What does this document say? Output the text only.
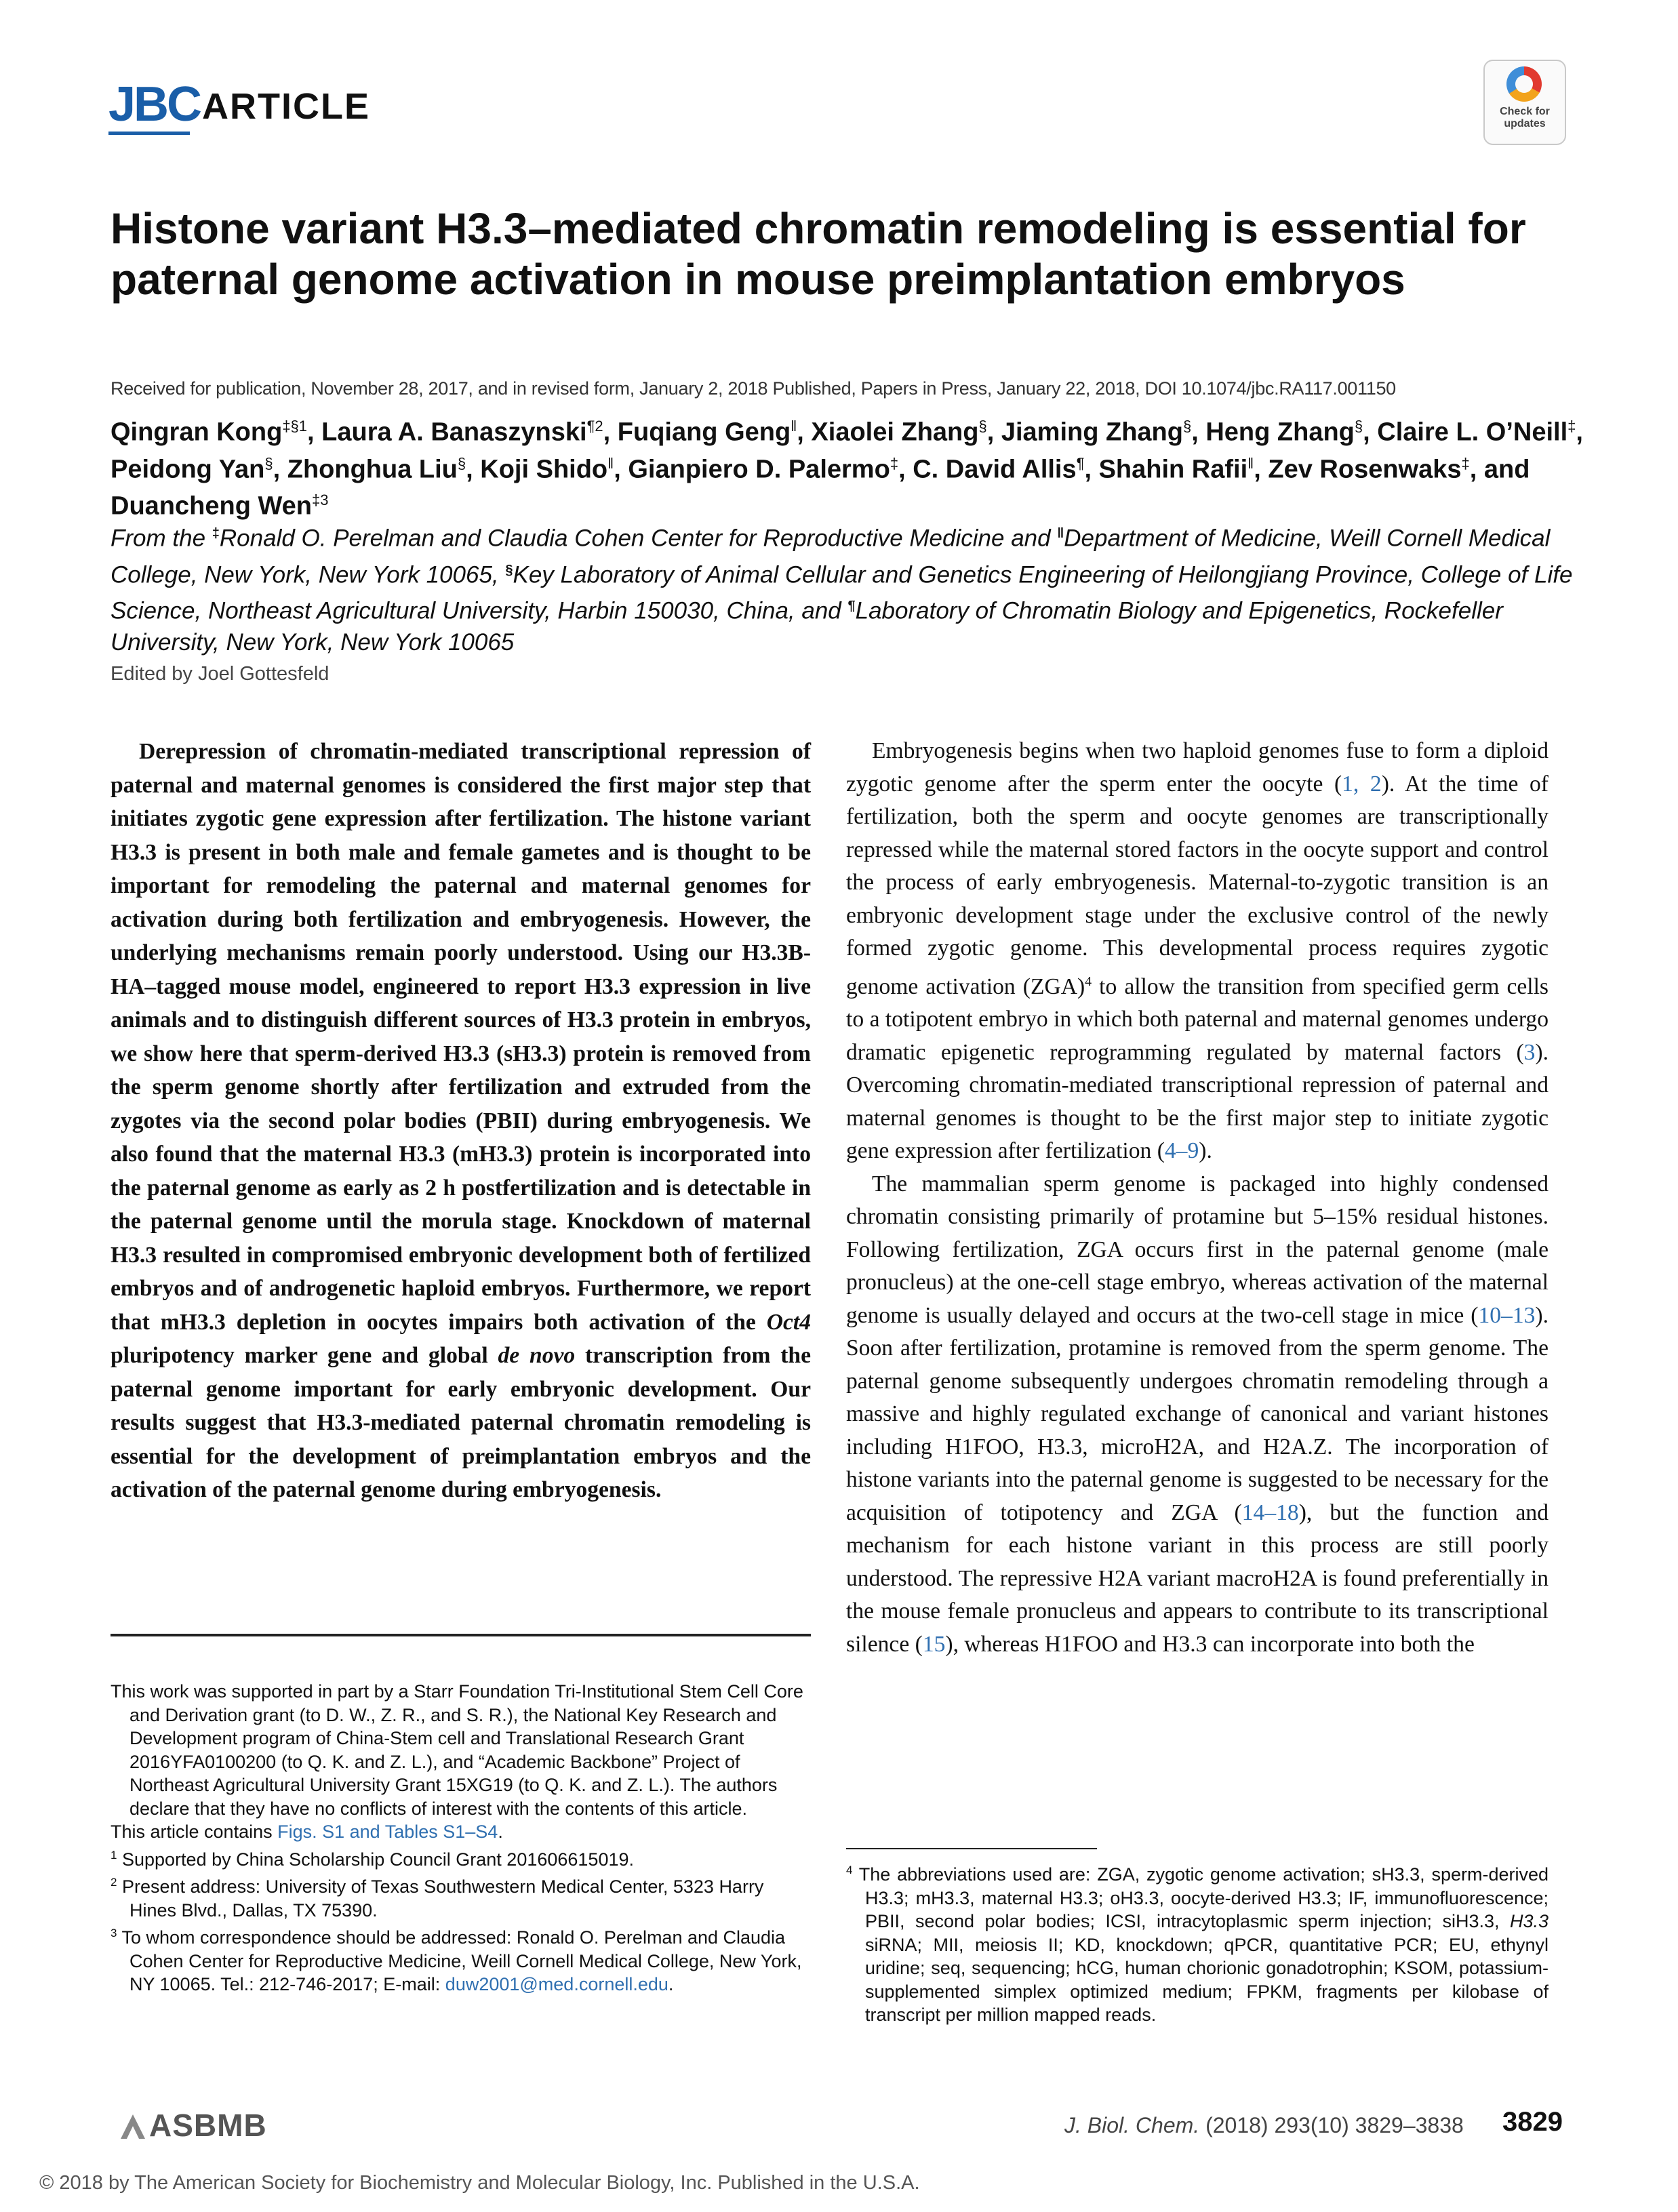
JBC ARTICLE	Check for updates
Histone variant H3.3–mediated chromatin remodeling is essential for paternal genome activation in mouse preimplantation embryos
Received for publication, November 28, 2017, and in revised form, January 2, 2018 Published, Papers in Press, January 22, 2018, DOI 10.1074/jbc.RA117.001150
Qingran Kong$^{\ddagger\S 1}$, Laura A. Banaszynski$^{\P 2}$, Fuqiang Geng‖, Xiaolei Zhang§, Jiaming Zhang§, Heng Zhang§, Claire L. O’Neill‡, Peidong Yan§, Zhonghua Liu§, Koji Shido‖, Gianpiero D. Palermo‡, C. David Allis¶, Shahin Rafii‖, Zev Rosenwaks‡, and Duancheng Wen$^{\ddagger 3}$
From the ‡Ronald O. Perelman and Claudia Cohen Center for Reproductive Medicine and ‖Department of Medicine, Weill Cornell Medical College, New York, New York 10065, §Key Laboratory of Animal Cellular and Genetics Engineering of Heilongjiang Province, College of Life Science, Northeast Agricultural University, Harbin 150030, China, and ¶Laboratory of Chromatin Biology and Epigenetics, Rockefeller University, New York, New York 10065
Edited by Joel Gottesfeld

Derepression of chromatin-mediated transcriptional repression of paternal and maternal genomes is considered the first major step that initiates zygotic gene expression after fertilization. The histone variant H3.3 is present in both male and female gametes and is thought to be important for remodeling the paternal and maternal genomes for activation during both fertilization and embryogenesis. However, the underlying mechanisms remain poorly understood. Using our H3.3B-HA–tagged mouse model, engineered to report H3.3 expression in live animals and to distinguish different sources of H3.3 protein in embryos, we show here that sperm-derived H3.3 (sH3.3) protein is removed from the sperm genome shortly after fertilization and extruded from the zygotes via the second polar bodies (PBII) during embryogenesis. We also found that the maternal H3.3 (mH3.3) protein is incorporated into the paternal genome as early as 2 h postfertilization and is detectable in the paternal genome until the morula stage. Knockdown of maternal H3.3 resulted in compromised embryonic development both of fertilized embryos and of androgenetic haploid embryos. Furthermore, we report that mH3.3 depletion in oocytes impairs both activation of the Oct4 pluripotency marker gene and global de novo transcription from the paternal genome important for early embryonic development. Our results suggest that H3.3-mediated paternal chromatin remodeling is essential for the development of preimplantation embryos and the activation of the paternal genome during embryogenesis.

This work was supported in part by a Starr Foundation Tri-Institutional Stem Cell Core and Derivation grant (to D. W., Z. R., and S. R.), the National Key Research and Development program of China-Stem cell and Translational Research Grant 2016YFA0100200 (to Q. K. and Z. L.), and “Academic Backbone” Project of Northeast Agricultural University Grant 15XG19 (to Q. K. and Z. L.). The authors declare that they have no conflicts of interest with the contents of this article.

This article contains Figs. S1 and Tables S1–S4.

$^1$ Supported by China Scholarship Council Grant 201606615019.

$^2$ Present address: University of Texas Southwestern Medical Center, 5323 Harry Hines Blvd., Dallas, TX 75390.

$^3$ To whom correspondence should be addressed: Ronald O. Perelman and Claudia Cohen Center for Reproductive Medicine, Weill Cornell Medical College, New York, NY 10065. Tel.: 212-746-2017; E-mail: duw2001@med.cornell.edu.

Embryogenesis begins when two haploid genomes fuse to form a diploid zygotic genome after the sperm enter the oocyte (1, 2). At the time of fertilization, both the sperm and oocyte genomes are transcriptionally repressed while the maternal stored factors in the oocyte support and control the process of early embryogenesis. Maternal-to-zygotic transition is an embryonic development stage under the exclusive control of the newly formed zygotic genome. This developmental process requires zygotic genome activation (ZGA)$^4$ to allow the transition from specified germ cells to a totipotent embryo in which both paternal and maternal genomes undergo dramatic epigenetic reprogramming regulated by maternal factors (3). Overcoming chromatin-mediated transcriptional repression of paternal and maternal genomes is thought to be the first major step to initiate zygotic gene expression after fertilization (4–9).

The mammalian sperm genome is packaged into highly condensed chromatin consisting primarily of protamine but 5–15% residual histones. Following fertilization, ZGA occurs first in the paternal genome (male pronucleus) at the one-cell stage embryo, whereas activation of the maternal genome is usually delayed and occurs at the two-cell stage in mice (10–13). Soon after fertilization, protamine is removed from the sperm genome. The paternal genome subsequently undergoes chromatin remodeling through a massive and highly regulated exchange of canonical and variant histones including H1FOO, H3.3, microH2A, and H2A.Z. The incorporation of histone variants into the paternal genome is suggested to be necessary for the acquisition of totipotency and ZGA (14–18), but the function and mechanism for each histone variant in this process are still poorly understood. The repressive H2A variant macroH2A is found preferentially in the mouse female pronucleus and appears to contribute to its transcriptional silence (15), whereas H1FOO and H3.3 can incorporate into both the

$^4$ The abbreviations used are: ZGA, zygotic genome activation; sH3.3, sperm-derived H3.3; mH3.3, maternal H3.3; oH3.3, oocyte-derived H3.3; IF, immunofluorescence; PBII, second polar bodies; ICSI, intracytoplasmic sperm injection; siH3.3, H3.3 siRNA; MII, meiosis II; KD, knockdown; qPCR, quantitative PCR; EU, ethynyl uridine; seq, sequencing; hCG, human chorionic gonadotrophin; KSOM, potassium-supplemented simplex optimized medium; FPKM, fragments per kilobase of transcript per million mapped reads.

ASBMB	J. Biol. Chem. (2018) 293(10) 3829–3838 3829
© 2018 by The American Society for Biochemistry and Molecular Biology, Inc. Published in the U.S.A.
